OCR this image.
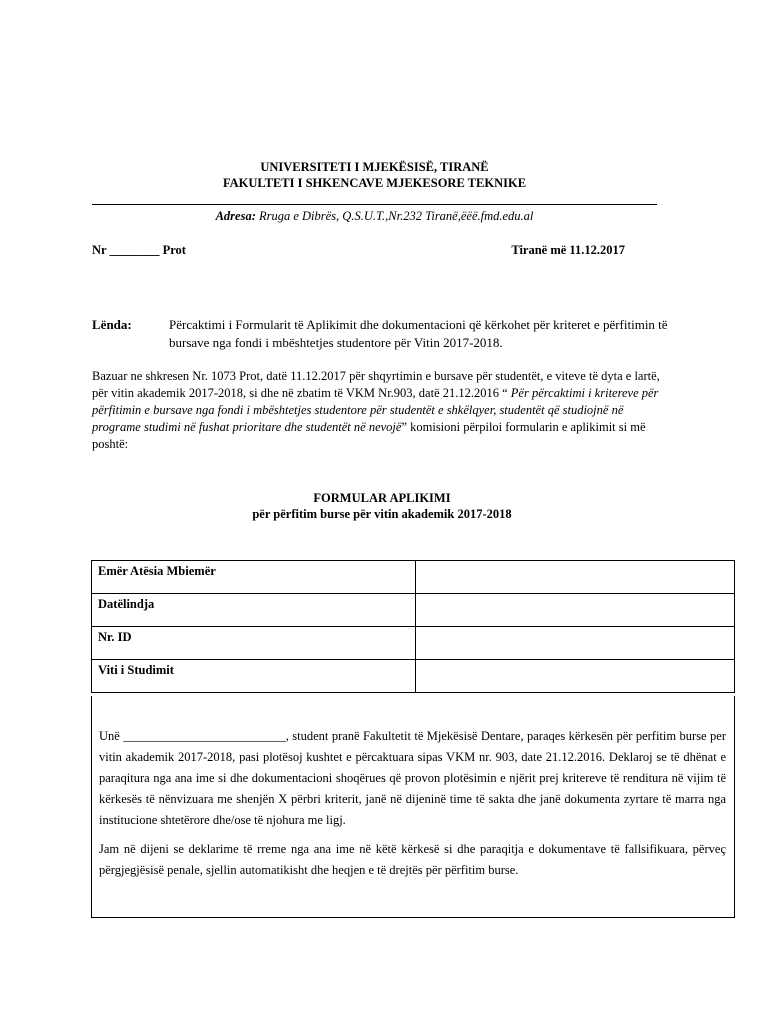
UNIVERSITETI I MJEKËSISË, TIRANË
FAKULTETI I SHKENCAVE MJEKESORE TEKNIKE
Adresa: Rruga e Dibrës, Q.S.U.T.,Nr.232 Tiranë,ëëë.fmd.edu.al
Nr ________ Prot	Tiranë më 11.12.2017
Lënda:	Përcaktimi i Formularit të Aplikimit dhe dokumentacioni që kërkohet për kriteret e përfitimin të bursave nga fondi i mbështetjes studentore për Vitin 2017-2018.
Bazuar ne shkresen Nr. 1073 Prot, datë 11.12.2017 për shqyrtimin e bursave për studentët, e viteve të dyta e lartë, për vitin akademik 2017-2018, si dhe në zbatim të VKM Nr.903, datë 21.12.2016 “ Për përcaktimi i kritereve për përfitimin e bursave nga fondi i mbështetjes studentore për studentët e shkëlqyer, studentët që studiojnë në programe studimi në fushat prioritare dhe studentët në nevojë” komisioni përpiloi formularin e aplikimit si më poshtë:
FORMULAR APLIKIMI
për përfitim burse për vitin akademik 2017-2018
Emër Atësia Mbiemër	
Datëlindja	
Nr. ID	
Viti i Studimit	

Unë __________________________, student pranë Fakultetit të Mjekësisë Dentare, paraqes kërkesën për perfitim burse per vitin akademik 2017-2018, pasi plotësoj kushtet e përcaktuara sipas VKM nr. 903, date 21.12.2016. Deklaroj se të dhënat e paraqitura nga ana ime si dhe dokumentacioni shoqërues që provon plotësimin e njërit prej kritereve të renditura në vijim të kërkesës të nënvizuara me shenjën X përbri kriterit, janë në dijeninë time të sakta dhe janë dokumenta zyrtare të marra nga institucione shtetërore dhe/ose të njohura me ligj.

Jam në dijeni se deklarime të rreme nga ana ime në këtë kërkesë si dhe paraqitja e dokumentave të fallsifikuara, përveç përgjegjësisë penale, sjellin automatikisht dhe heqjen e të drejtës për përfitim burse.
